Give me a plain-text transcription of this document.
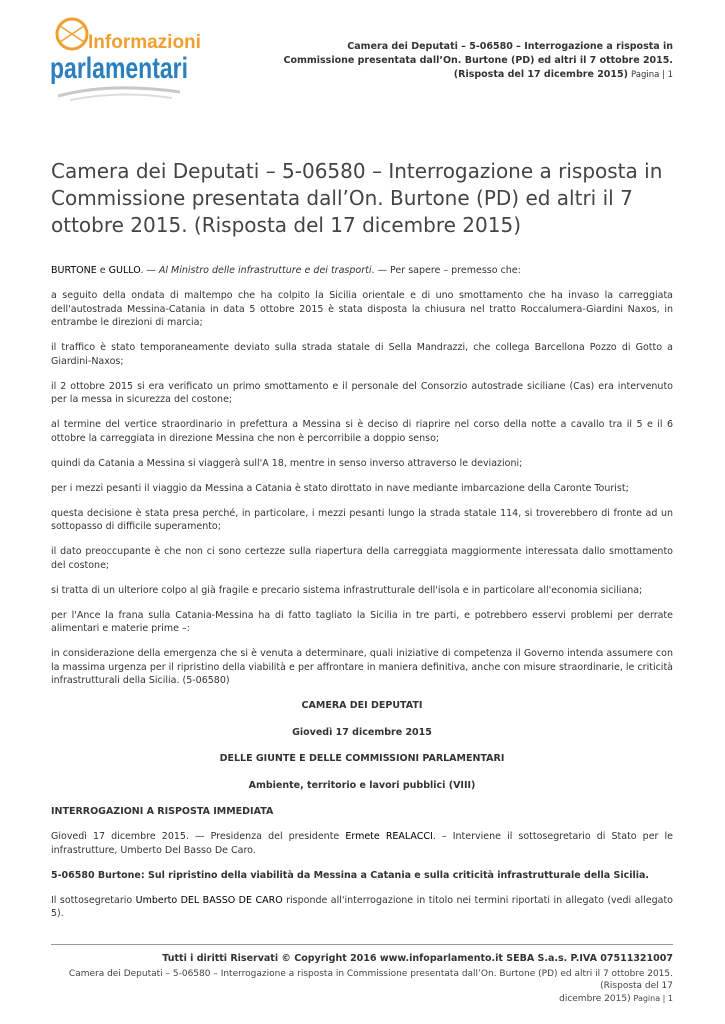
Informazioni
parlamentari
Camera dei Deputati – 5-06580 – Interrogazione a risposta in
Commissione presentata dall’On. Burtone (PD) ed altri il 7 ottobre 2015.
(Risposta del 17 dicembre 2015) Pagina | 1
Camera dei Deputati – 5-06580 – Interrogazione a risposta in Commissione presentata dall’On. Burtone (PD) ed altri il 7 ottobre 2015. (Risposta del 17 dicembre 2015)

BURTONE e GULLO. — Al Ministro delle infrastrutture e dei trasporti. — Per sapere – premesso che:

a seguito della ondata di maltempo che ha colpito la Sicilia orientale e di uno smottamento che ha invaso la carreggiata dell'autostrada Messina-Catania in data 5 ottobre 2015 è stata disposta la chiusura nel tratto Roccalumera-Giardini Naxos, in entrambe le direzioni di marcia;

il traffico è stato temporaneamente deviato sulla strada statale di Sella Mandrazzi, che collega Barcellona Pozzo di Gotto a Giardini-Naxos;

il 2 ottobre 2015 si era verificato un primo smottamento e il personale del Consorzio autostrade siciliane (Cas) era intervenuto per la messa in sicurezza del costone;

al termine del vertice straordinario in prefettura a Messina si è deciso di riaprire nel corso della notte a cavallo tra il 5 e il 6 ottobre la carreggiata in direzione Messina che non è percorribile a doppio senso;

quindi da Catania a Messina si viaggerà sull'A 18, mentre in senso inverso attraverso le deviazioni;

per i mezzi pesanti il viaggio da Messina a Catania è stato dirottato in nave mediante imbarcazione della Caronte Tourist;

questa decisione è stata presa perché, in particolare, i mezzi pesanti lungo la strada statale 114, si troverebbero di fronte ad un sottopasso di difficile superamento;

il dato preoccupante è che non ci sono certezze sulla riapertura della carreggiata maggiormente interessata dallo smottamento del costone;

si tratta di un ulteriore colpo al già fragile e precario sistema infrastrutturale dell'isola e in particolare all'economia siciliana;

per l'Ance la frana sulla Catania-Messina ha di fatto tagliato la Sicilia in tre parti, e potrebbero esservi problemi per derrate alimentari e materie prime –:

in considerazione della emergenza che si è venuta a determinare, quali iniziative di competenza il Governo intenda assumere con la massima urgenza per il ripristino della viabilità e per affrontare in maniera definitiva, anche con misure straordinarie, le criticità infrastrutturali della Sicilia. (5-06580)

CAMERA DEI DEPUTATI

Giovedì 17 dicembre 2015

DELLE GIUNTE E DELLE COMMISSIONI PARLAMENTARI

Ambiente, territorio e lavori pubblici (VIII)

INTERROGAZIONI A RISPOSTA IMMEDIATA

Giovedì 17 dicembre 2015. — Presidenza del presidente Ermete REALACCI. – Interviene il sottosegretario di Stato per le infrastrutture, Umberto Del Basso De Caro.

5-06580 Burtone: Sul ripristino della viabilità da Messina a Catania e sulla criticità infrastrutturale della Sicilia.

Il sottosegretario Umberto DEL BASSO DE CARO risponde all'interrogazione in titolo nei termini riportati in allegato (vedi allegato 5).

Tutti i diritti Riservati © Copyright 2016 www.infoparlamento.it SEBA S.a.s. P.IVA 07511321007
Camera dei Deputati – 5-06580 – Interrogazione a risposta in Commissione presentata dall’On. Burtone (PD) ed altri il 7 ottobre 2015. (Risposta del 17
dicembre 2015) Pagina | 1
